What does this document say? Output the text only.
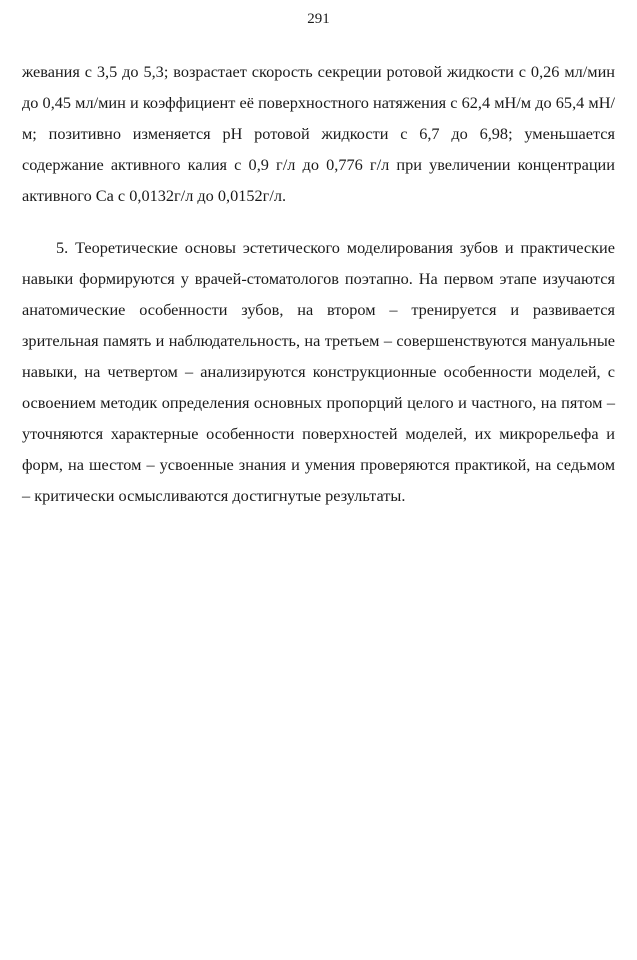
291

жевания с 3,5 до 5,3; возрастает скорость секреции ротовой жидкости с 0,26 мл/мин до 0,45 мл/мин и коэффициент её поверхностного натяжения с 62,4 мН/м до 65,4 мН/м; позитивно изменяется pH ротовой жидкости с 6,7 до 6,98; уменьшается содержание активного калия с 0,9 г/л до 0,776 г/л при увеличении концентрации активного Са с 0,0132г/л до 0,0152г/л.

5. Теоретические основы эстетического моделирования зубов и практические навыки формируются у врачей-стоматологов поэтапно. На первом этапе изучаются анатомические особенности зубов, на втором – тренируется и развивается зрительная память и наблюдательность, на третьем – совершенствуются мануальные навыки, на четвертом – анализируются конструкционные особенности моделей, с освоением методик определения основных пропорций целого и частного, на пятом – уточняются характерные особенности поверхностей моделей, их микрорельефа и форм, на шестом – усвоенные знания и умения проверяются практикой, на седьмом – критически осмысливаются достигнутые результаты.
